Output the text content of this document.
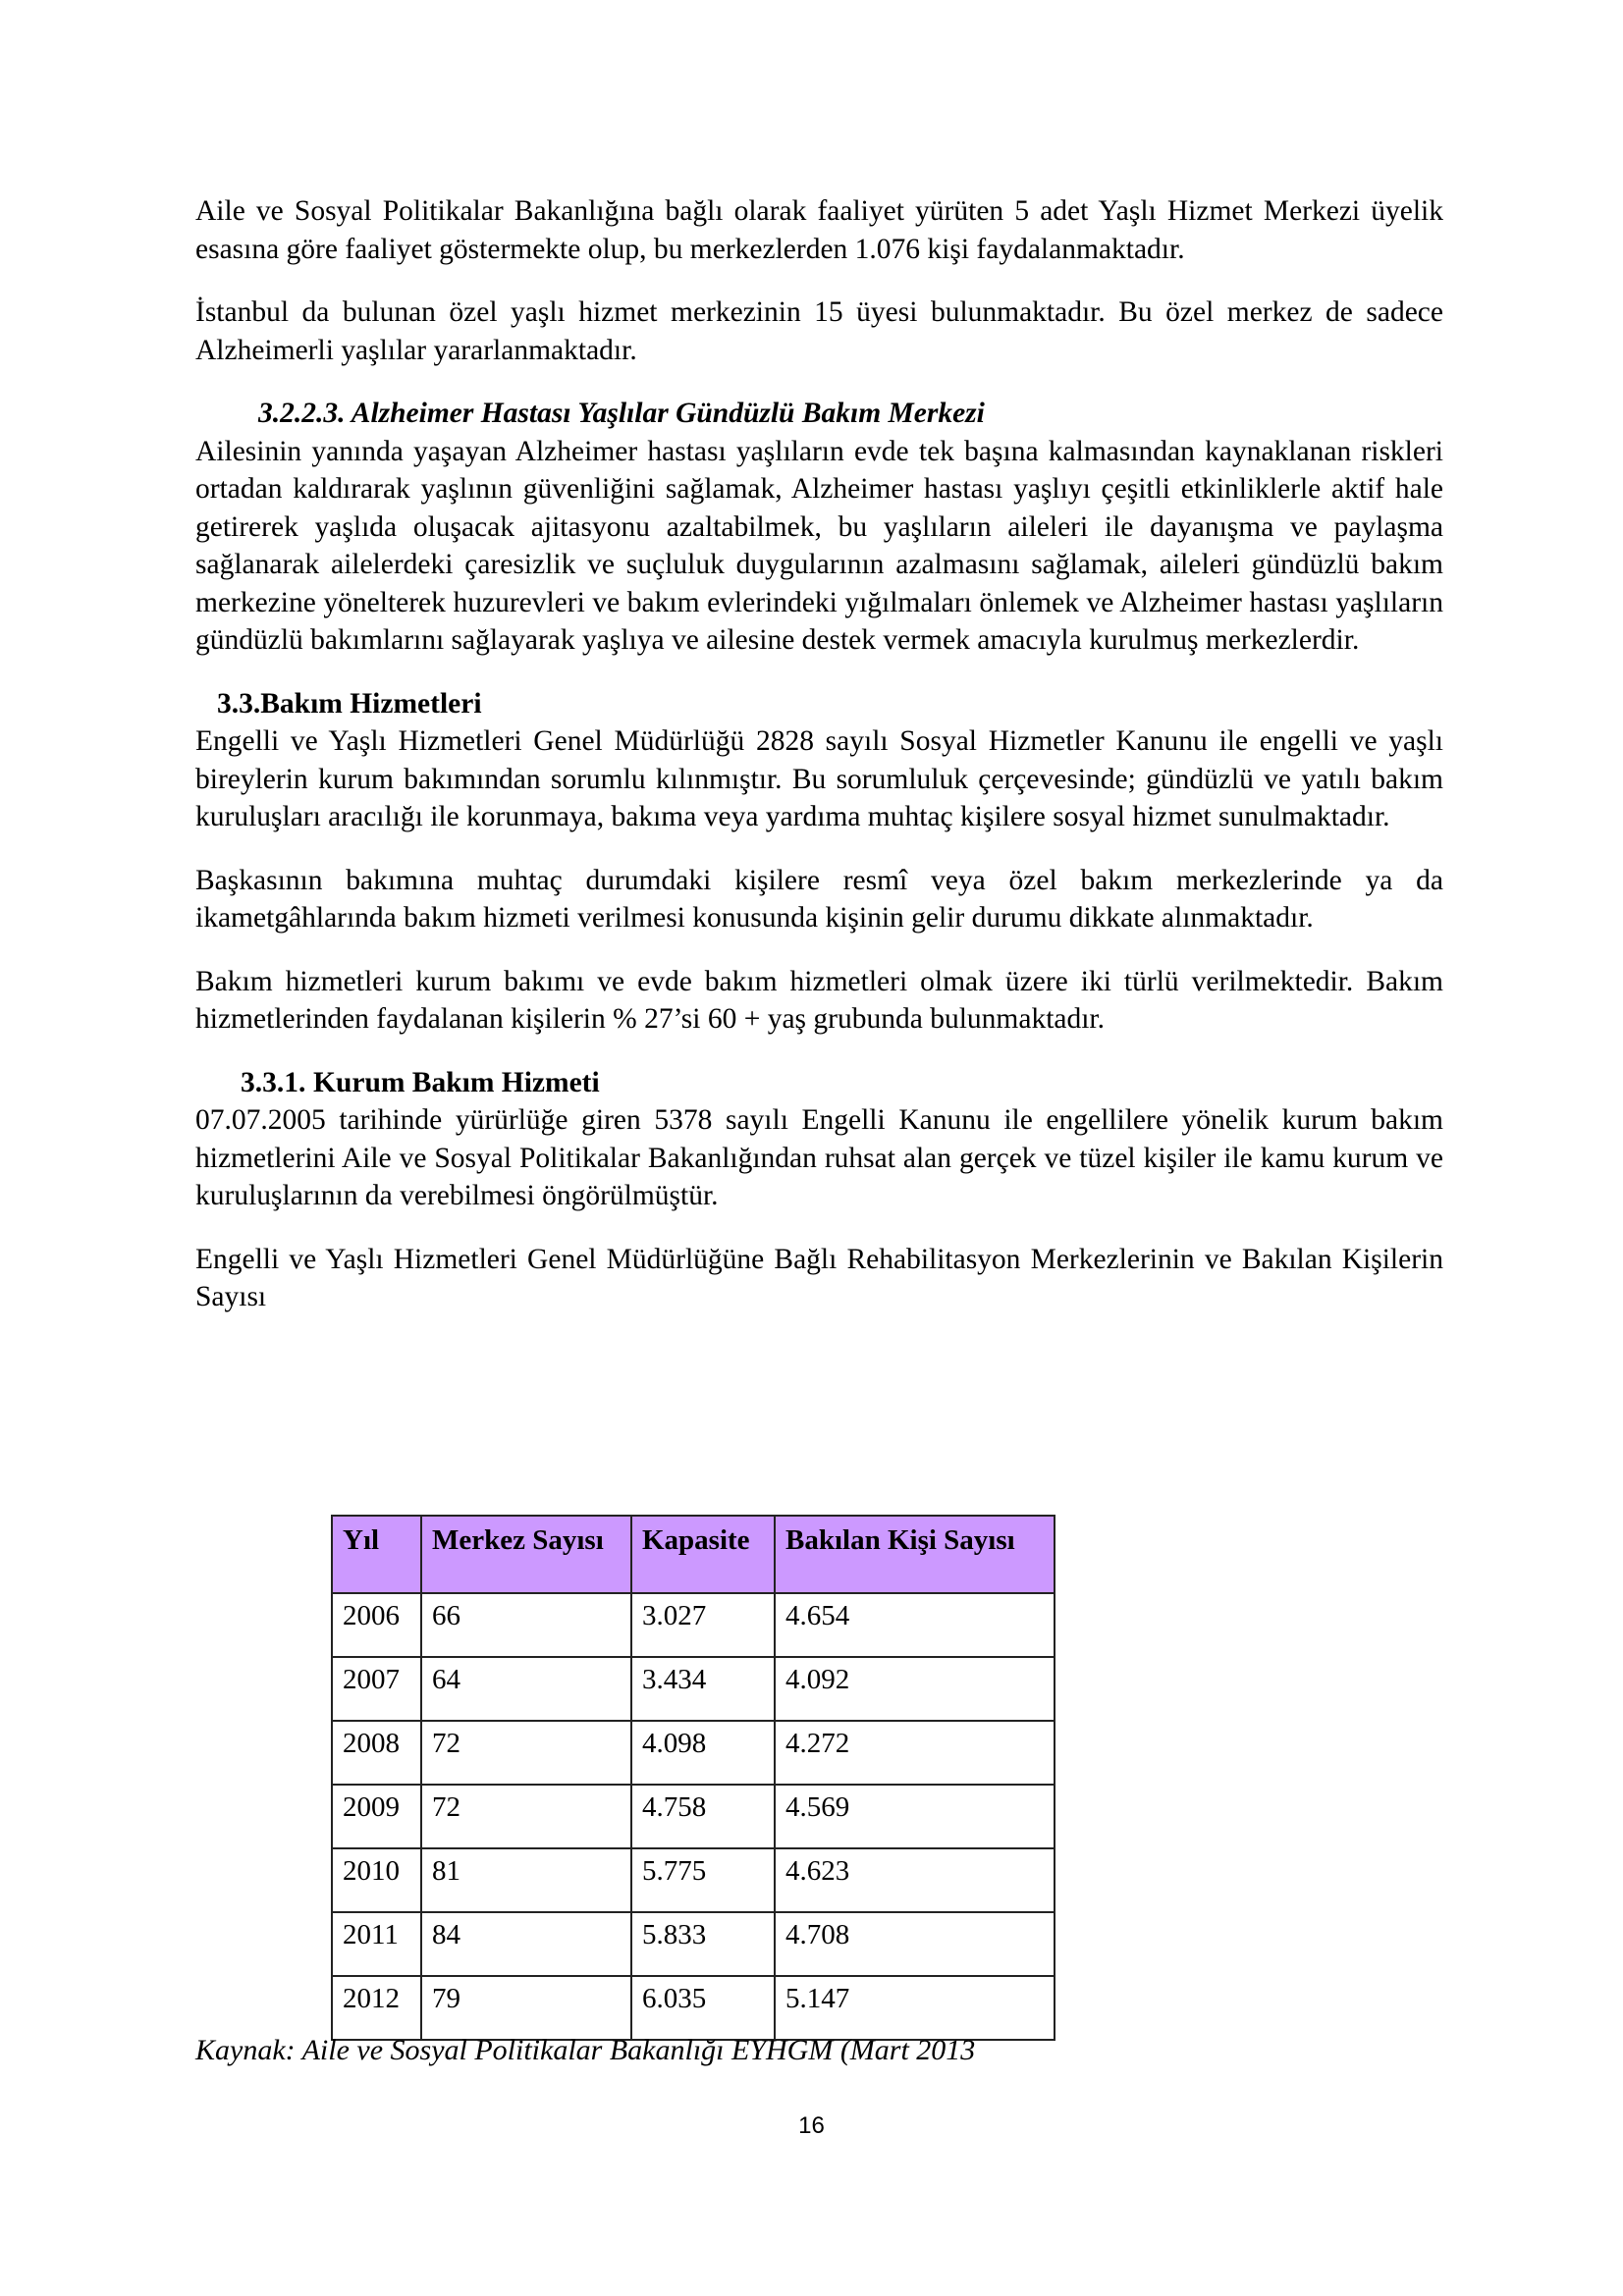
Aile ve Sosyal Politikalar Bakanlığına bağlı olarak faaliyet yürüten 5 adet Yaşlı Hizmet Merkezi üyelik esasına göre faaliyet göstermekte olup, bu merkezlerden 1.076 kişi faydalanmaktadır.

İstanbul da bulunan özel yaşlı hizmet merkezinin 15 üyesi bulunmaktadır. Bu özel merkez de sadece Alzheimerli yaşlılar yararlanmaktadır.

3.2.2.3. Alzheimer Hastası Yaşlılar Gündüzlü Bakım Merkezi

Ailesinin yanında yaşayan Alzheimer hastası yaşlıların evde tek başına kalmasından kaynaklanan riskleri ortadan kaldırarak yaşlının güvenliğini sağlamak, Alzheimer hastası yaşlıyı çeşitli etkinliklerle aktif hale getirerek yaşlıda oluşacak ajitasyonu azaltabilmek, bu yaşlıların aileleri ile dayanışma ve paylaşma sağlanarak ailelerdeki çaresizlik ve suçluluk duygularının azalmasını sağlamak, aileleri gündüzlü bakım merkezine yönelterek huzurevleri ve bakım evlerindeki yığılmaları önlemek ve Alzheimer hastası yaşlıların gündüzlü bakımlarını sağlayarak yaşlıya ve ailesine destek vermek amacıyla kurulmuş merkezlerdir.

3.3.Bakım Hizmetleri

Engelli ve Yaşlı Hizmetleri Genel Müdürlüğü 2828 sayılı Sosyal Hizmetler Kanunu ile engelli ve yaşlı bireylerin kurum bakımından sorumlu kılınmıştır. Bu sorumluluk çerçevesinde; gündüzlü ve yatılı bakım kuruluşları aracılığı ile korunmaya, bakıma veya yardıma muhtaç kişilere sosyal hizmet sunulmaktadır.

Başkasının bakımına muhtaç durumdaki kişilere resmî veya özel bakım merkezlerinde ya da ikametgâhlarında bakım hizmeti verilmesi konusunda kişinin gelir durumu dikkate alınmaktadır.

Bakım hizmetleri kurum bakımı ve evde bakım hizmetleri olmak üzere iki türlü verilmektedir. Bakım hizmetlerinden faydalanan kişilerin % 27’si 60 + yaş grubunda bulunmaktadır.

3.3.1. Kurum Bakım Hizmeti

07.07.2005 tarihinde yürürlüğe giren 5378 sayılı Engelli Kanunu ile engellilere yönelik kurum bakım hizmetlerini Aile ve Sosyal Politikalar Bakanlığından ruhsat alan gerçek ve tüzel kişiler ile kamu kurum ve kuruluşlarının da verebilmesi öngörülmüştür.

Engelli ve Yaşlı Hizmetleri Genel Müdürlüğüne Bağlı Rehabilitasyon Merkezlerinin ve Bakılan Kişilerin Sayısı

Yıl	Merkez Sayısı	Kapasite	Bakılan Kişi Sayısı
2006	66	3.027	4.654
2007	64	3.434	4.092
2008	72	4.098	4.272
2009	72	4.758	4.569
2010	81	5.775	4.623
2011	84	5.833	4.708
2012	79	6.035	5.147
Kaynak: Aile ve Sosyal Politikalar Bakanlığı EYHGM (Mart 2013
16
